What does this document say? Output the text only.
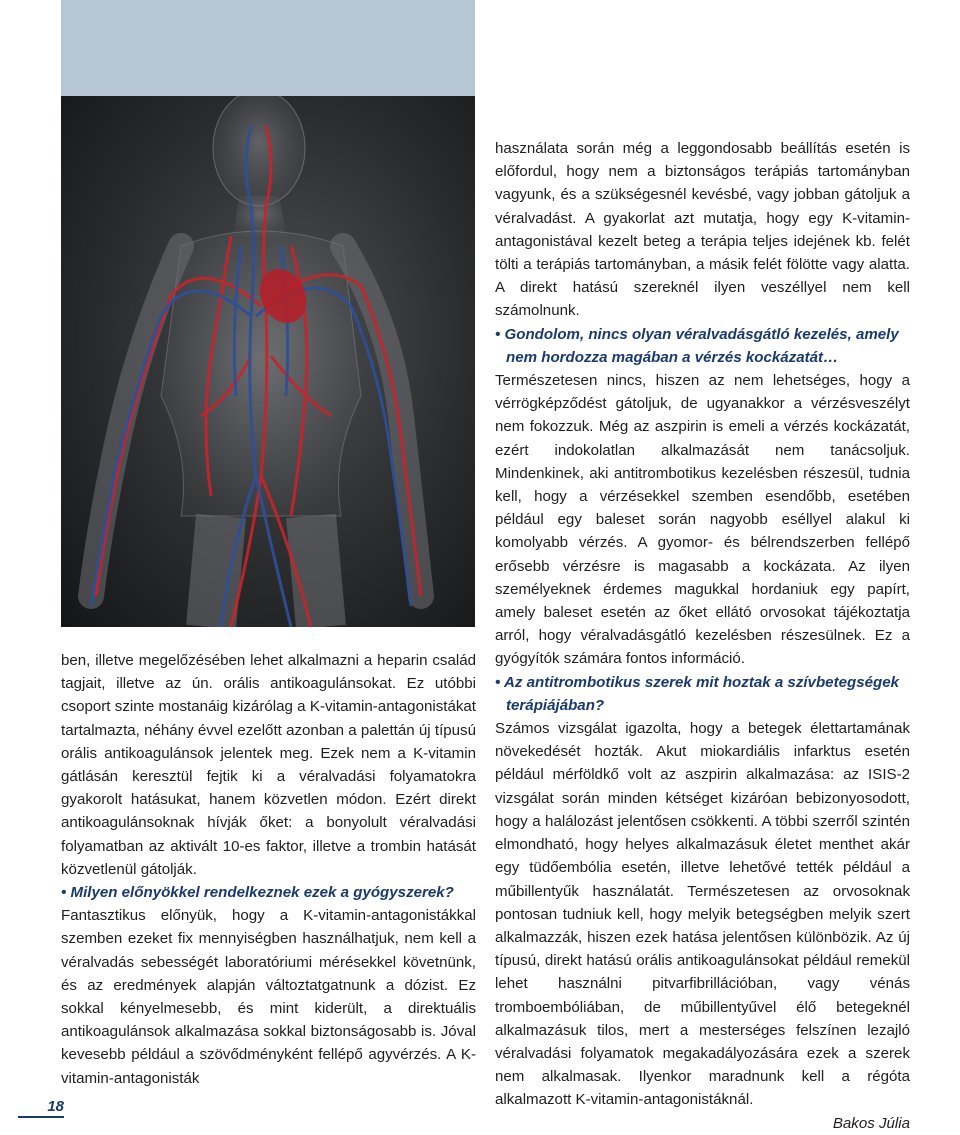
ben, illetve megelőzésében lehet alkalmazni a heparin család tagjait, illetve az ún. orális antikoagulánsokat. Ez utóbbi csoport szinte mostanáig kizárólag a K-vitamin-antagonistákat tartalmazta, néhány évvel ezelőtt azonban a palettán új típusú orális antikoagulánsok jelentek meg. Ezek nem a K-vitamin gátlásán keresztül fejtik ki a véralvadási folyamatokra gyakorolt hatásukat, hanem közvetlen módon. Ezért direkt antikoagulánsoknak hívják őket: a bonyolult véralvadási folyamatban az aktivált 10-es faktor, illetve a trombin hatását közvetlenül gátolják.

• Milyen előnyökkel rendelkeznek ezek a gyógyszerek?

Fantasztikus előnyük, hogy a K-vitamin-antagonistákkal szemben ezeket fix mennyiségben használhatjuk, nem kell a véralvadás sebességét laboratóriumi mérésekkel követnünk, és az eredmények alapján változtatgatnunk a dózist. Ez sokkal kényelmesebb, és mint kiderült, a direktuális antikoagulánsok alkalmazása sokkal biztonságosabb is. Jóval kevesebb például a szövődményként fellépő agyvérzés. A K-vitamin-antagonisták

használata során még a leggondosabb beállítás esetén is előfordul, hogy nem a biztonságos terápiás tartományban vagyunk, és a szükségesnél kevésbé, vagy jobban gátoljuk a véralvadást. A gyakorlat azt mutatja, hogy egy K-vitamin-antagonistával kezelt beteg a terápia teljes idejének kb. felét tölti a terápiás tartományban, a másik felét fölötte vagy alatta. A direkt hatású szereknél ilyen veszéllyel nem kell számolnunk.

• Gondolom, nincs olyan véralvadásgátló kezelés, amely nem hordozza magában a vérzés kockázatát…

Természetesen nincs, hiszen az nem lehetséges, hogy a vérrögképződést gátoljuk, de ugyanakkor a vérzésveszélyt nem fokozzuk. Még az aszpirin is emeli a vérzés kockázatát, ezért indokolatlan alkalmazását nem tanácsoljuk. Mindenkinek, aki antitrombotikus kezelésben részesül, tudnia kell, hogy a vérzésekkel szemben esendőbb, esetében például egy baleset során nagyobb eséllyel alakul ki komolyabb vérzés. A gyomor- és bélrendszerben fellépő erősebb vérzésre is magasabb a kockázata. Az ilyen személyeknek érdemes magukkal hordaniuk egy papírt, amely baleset esetén az őket ellátó orvosokat tájékoztatja arról, hogy véralvadásgátló kezelésben részesülnek. Ez a gyógyítók számára fontos információ.

• Az antitrombotikus szerek mit hoztak a szívbetegségek terápiájában?

Számos vizsgálat igazolta, hogy a betegek élettartamának növekedését hozták. Akut miokardiális infarktus esetén például mérföldkő volt az aszpirin alkalmazása: az ISIS-2 vizsgálat során minden kétséget kizáróan bebizonyosodott, hogy a halálozást jelentősen csökkenti. A többi szerről szintén elmondható, hogy helyes alkalmazásuk életet menthet akár egy tüdőembólia esetén, illetve lehetővé tették például a műbillentyűk használatát. Természetesen az orvosoknak pontosan tudniuk kell, hogy melyik betegségben melyik szert alkalmazzák, hiszen ezek hatása jelentősen különbözik. Az új típusú, direkt hatású orális antikoagulánsokat például remekül lehet használni pitvarfibrillációban, vagy vénás tromboembóliában, de műbillentyűvel élő betegeknél alkalmazásuk tilos, mert a mesterséges felszínen lezajló véralvadási folyamatok megakadályozására ezek a szerek nem alkalmasak. Ilyenkor maradnunk kell a régóta alkalmazott K-vitamin-antagonistáknál.

Bakos Júlia

18
